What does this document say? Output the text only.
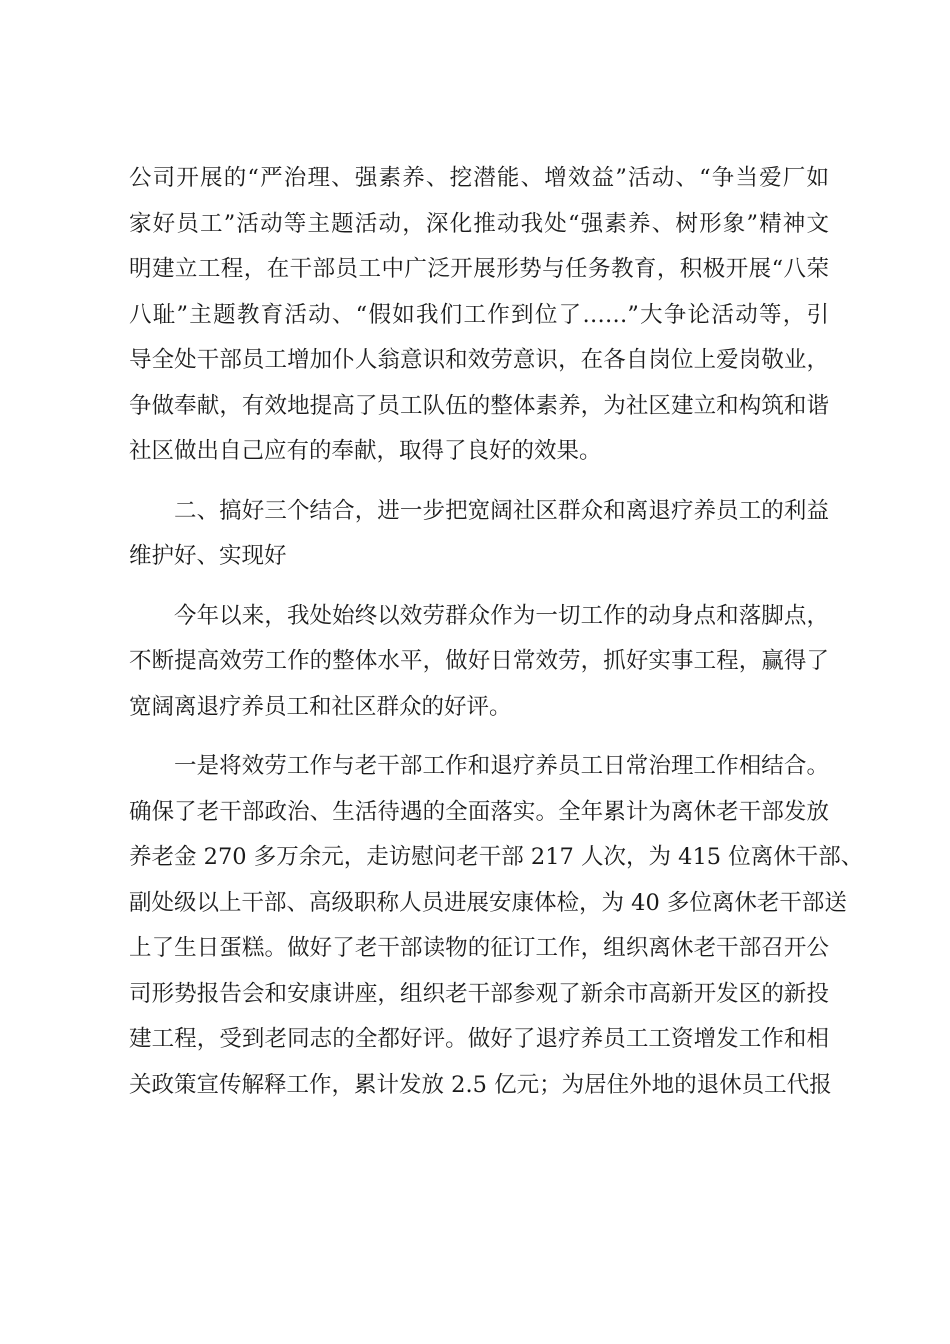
公司开展的“严治理、强素养、挖潜能、增效益”活动、“争当爱厂如
家好员工”活动等主题活动，深化推动我处“强素养、树形象”精神文
明建立工程，在干部员工中广泛开展形势与任务教育，积极开展“八荣
八耻”主题教育活动、“假如我们工作到位了……”大争论活动等，引
导全处干部员工增加仆人翁意识和效劳意识，在各自岗位上爱岗敬业，
争做奉献，有效地提高了员工队伍的整体素养，为社区建立和构筑和谐
社区做出自己应有的奉献，取得了良好的效果。
二、搞好三个结合，进一步把宽阔社区群众和离退疗养员工的利益
维护好、实现好
今年以来，我处始终以效劳群众作为一切工作的动身点和落脚点，
不断提高效劳工作的整体水平，做好日常效劳，抓好实事工程，赢得了
宽阔离退疗养员工和社区群众的好评。
一是将效劳工作与老干部工作和退疗养员工日常治理工作相结合。
确保了老干部政治、生活待遇的全面落实。全年累计为离休老干部发放
养老金 270 多万余元，走访慰问老干部 217 人次，为 415 位离休干部、
副处级以上干部、高级职称人员进展安康体检，为 40 多位离休老干部送
上了生日蛋糕。做好了老干部读物的征订工作，组织离休老干部召开公
司形势报告会和安康讲座，组织老干部参观了新余市高新开发区的新投
建工程，受到老同志的全都好评。做好了退疗养员工工资增发工作和相
关政策宣传解释工作，累计发放 2.5 亿元；为居住外地的退休员工代报
